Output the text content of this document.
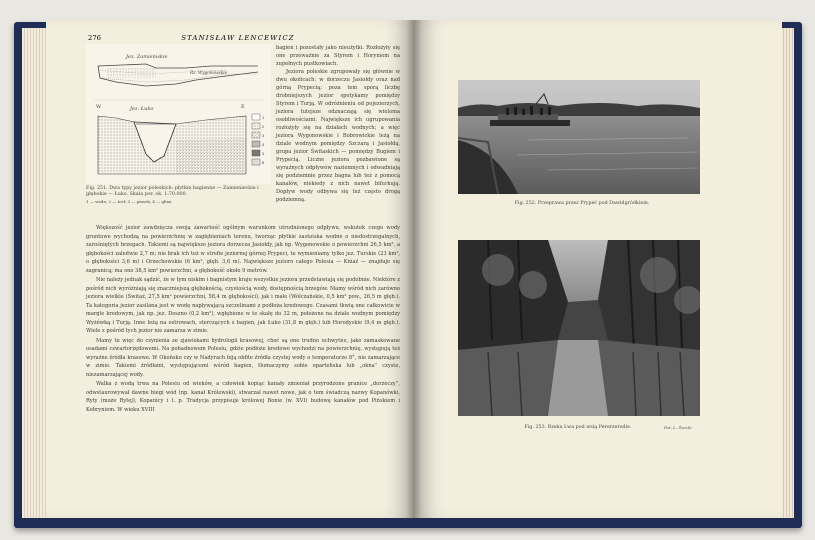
276	STANISŁAW LENCEWICZ
Jez. Zamieniskie
Rz. Wygonowskie
Jez. Łuko
W	E
1
2
3
4
5
6
Fig. 251. Dwa typy jezior poleskich: płytkie bagienne — Zamienieckie i głębokie — Łuko. Skala por. ok. 1:70.000.
1 — woda; 2 — torf; 3 — piasek; 4 — glina

bagien i pozostały jako nieużytki. Rozłożyły się one przeważnie za Styrem i Horyniem na zupełnych pustkowiach.

Jeziora poleskie zgrupowały się głównie w dwu okolicach: w dorzeczu Jasiołdy oraz nad górną Prypecią; poza tem sporą liczbę drobniejszych jezior spotykamy pomiędzy Styrem i Turją. W odróżnieniu od pojezierzych, jeziora tutejsze odznaczają się wieloma osobliwościami. Największe ich ugrupowania rozłożyły się na działach wodnych; a więc jeziora Wygonowskie i Bobrowickie leżą na dziale wodnym pomiędzy Szczarą i Jasiołdą, grupa jezior Świtaskich — pomiędzy Bugiem i Prypecią. Liczne jeziora pozbawione są wyraźnych odpływów naziemnych i odwadniają się podziemnie przez bagna lub też z pomocą kanałów, niekiedy z nich nawet bifurkują. Dopływ wody odbywa się też często drogą podziemną.

Większość jezior zawdzięcza swoją zawartość ogólnym warunkom utrudnionego odpływu, wskutek czego wody gruntowe wychodzą na powierzchnię w zagłębieniach terenu, tworząc płytkie zastoiska wodne o niedostrzegalnych, zarośniętych brzegach. Takiemi są największe jeziora dorzecza Jasiołdy, jak np. Wygonowskie o powierzchni 26,5 km², a głębokości zaledwie 2,7 m; nie brak ich też w strefie jeziornej górnej Prypeci, te wymieniamy tylko jez. Turskie (23 km², o głębokości 3,6 m) i Orzechowskie (6 km², głęb. 3,6 m). Największe jezioro całego Polesia — Kniaź — znajduje się zagranicą; ma ono 38,5 km² powierzchni, a głębokość około 9 metrów.

Nie należy jednak sądzić, że w tym niskim i bagnistym kraju wszystkie jeziora przedstawiają się podobnie. Niektóre z pośród nich wyróżniają się znaczniejszą głębokością, czystością wody, dostępnością brzegów. Mamy wśród nich zarówno jeziora wielkie (Świtaź, 27,5 km² powierzchni, 58,4 m głębokości), jak i małe (Wólczańskie, 0,5 km² pow., 26,5 m głęb.). Ta kategoria jezior zasilana jest w wodę napływającą szczelinami z podłoża kredowego. Czasami tkwią one całkowicie w margle kredowym, jak np. jez. Doszno (0,2 km²), wgłębione w te skałę do 32 m, położone na dziale wodnym pomiędzy Wyżówką i Turją. Inne leżą na ostrowach, sterczących z bagien, jak Łuko (31,8 m głęb.) lub Horodyskie (9,4 m głęb.). Wiele z pośród tych jezior nie zamarza w zimie.

Mamy tu więc do czynienia ze zjawiskami hydrologii krasowej, choć są one trudno uchwytne, jako zamaskowane osadami czwartorzędowemi. Na pohadnowem Polesiu, gdzie podłoże kredowe wychodzi na powierzchnię, występują też wyraźne źródła krasowe. W Okońsku czy w Nadyrach biją obfite źródła czystej wody o temperaturze 8°, nie zamarzające w zimie. Takiemi źródłami, występującemi wśród bagien, tłumaczymy sobie opartełiska lub „okna” czyste, niezamarzającej wody.

Walka z wodą trwa na Polesiu od wieków, a człowiek kopiąc kanały zmieniał przyrodzone granice „dorzeczy”, odwstaurowywał dawne biegi wód (np. kanał Królewski), stwarzał nawet nowe, jak o tem świadczą nazwy Kopanówki, Ryty (może Rytej), Kopanicy i t. p. Tradycja przypisuje królowej Bonie (w. XVI) budowę kanałów pod Pińskiem i Kobryniem. W wieku XVIII

Fig. 252. Przeprawa przez Prypeć pod Dawidgródkiem.
Fig. 253. Rzeka Lwa pod wsią Pererzerodie.	Fot. L. Świcki
